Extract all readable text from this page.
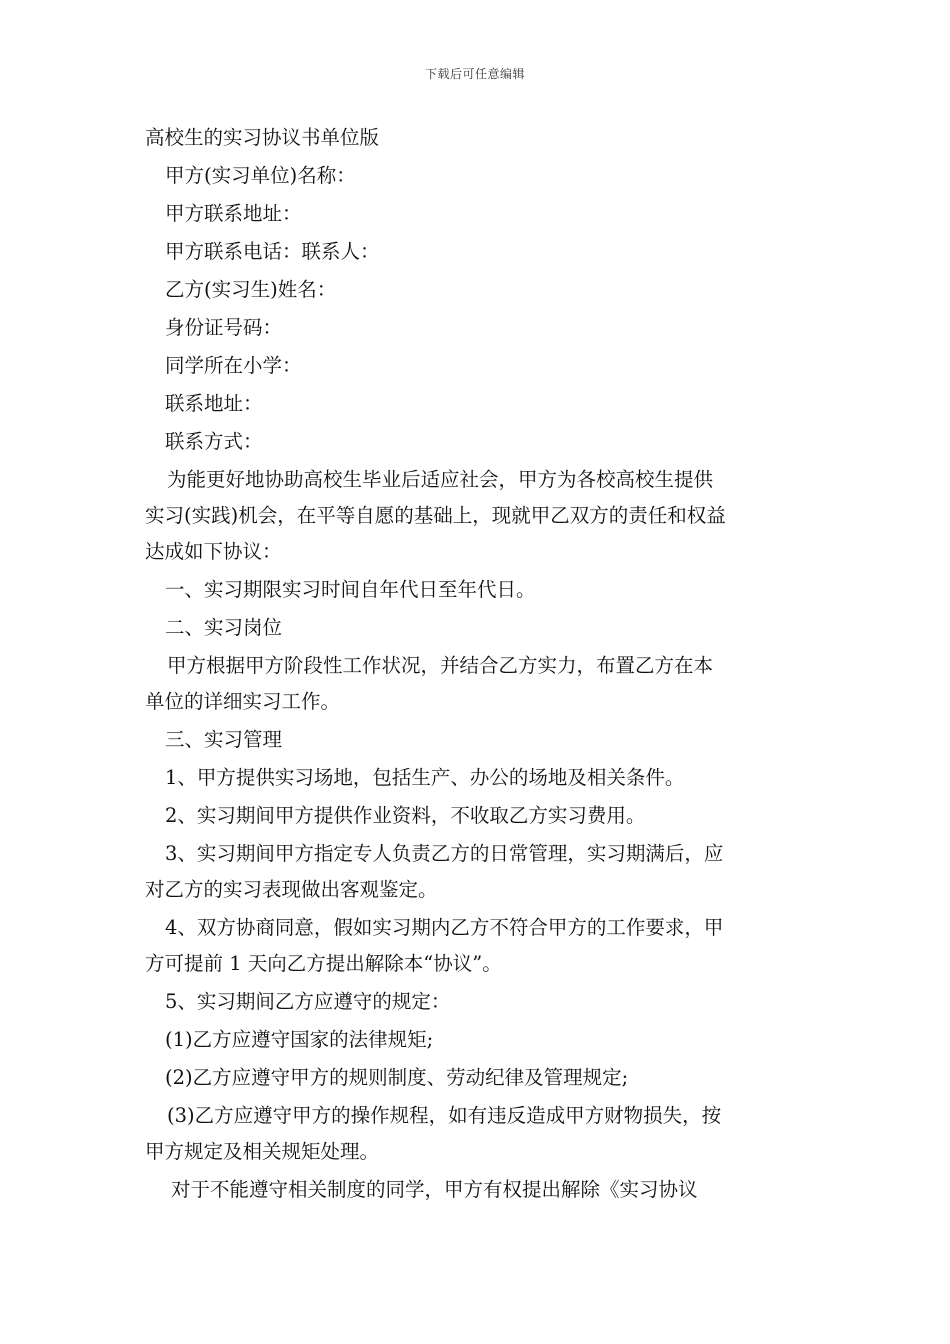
下载后可任意编辑
高校生的实习协议书单位版
甲方(实习单位)名称：
甲方联系地址：
甲方联系电话：联系人：
乙方(实习生)姓名：
身份证号码：
同学所在小学：
联系地址：
联系方式：
为能更好地协助高校生毕业后适应社会，甲方为各校高校生提供
实习(实践)机会，在平等自愿的基础上，现就甲乙双方的责任和权益
达成如下协议：
一、实习期限实习时间自年代日至年代日。
二、实习岗位
甲方根据甲方阶段性工作状况，并结合乙方实力，布置乙方在本
单位的详细实习工作。
三、实习管理
1、甲方提供实习场地，包括生产、办公的场地及相关条件。
2、实习期间甲方提供作业资料，不收取乙方实习费用。
3、实习期间甲方指定专人负责乙方的日常管理，实习期满后，应
对乙方的实习表现做出客观鉴定。
4、双方协商同意，假如实习期内乙方不符合甲方的工作要求，甲
方可提前 1 天向乙方提出解除本“协议”。
5、实习期间乙方应遵守的规定：
(1)乙方应遵守国家的法律规矩;
(2)乙方应遵守甲方的规则制度、劳动纪律及管理规定;
(3)乙方应遵守甲方的操作规程，如有违反造成甲方财物损失，按
甲方规定及相关规矩处理。
对于不能遵守相关制度的同学，甲方有权提出解除《实习协议
